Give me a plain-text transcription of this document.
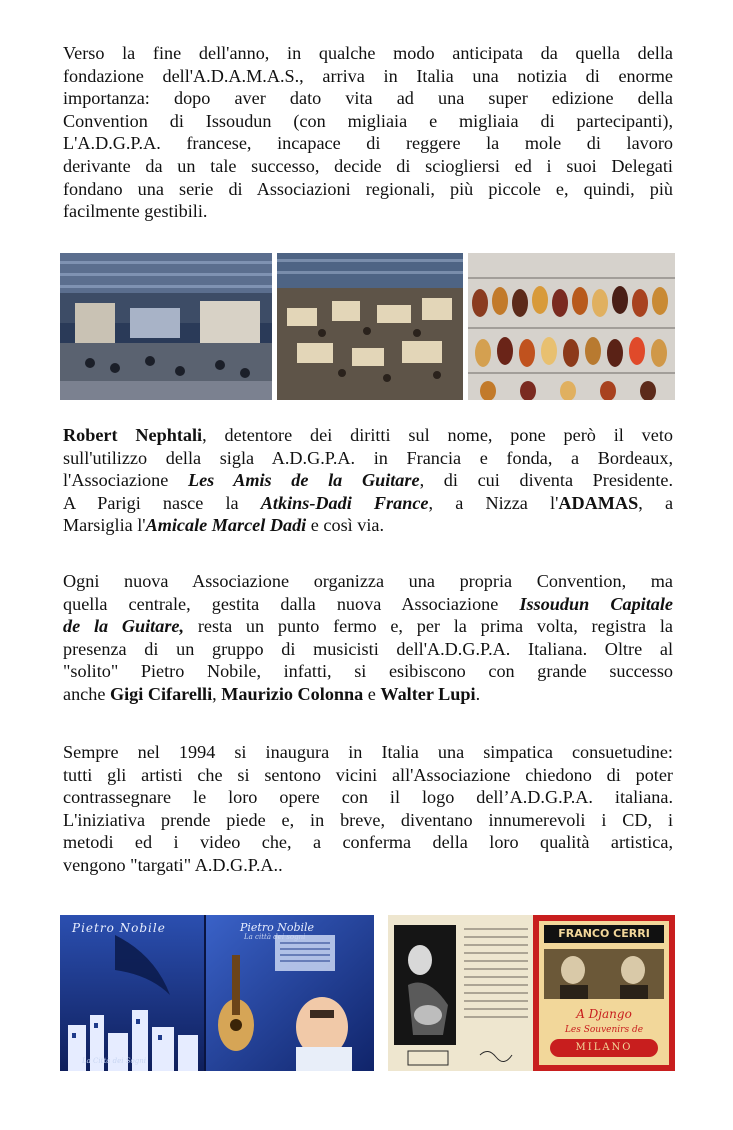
Verso la fine dell'anno, in qualche modo anticipata da quella della
fondazione dell'A.D.A.M.A.S., arriva in Italia una notizia di enorme
importanza: dopo aver dato vita ad una super edizione della
Convention di Issoudun (con migliaia e migliaia di partecipanti),
L'A.D.G.P.A. francese, incapace di reggere la mole di lavoro
derivante da un tale successo, decide di sciogliersi ed i suoi Delegati
fondano una serie di Associazioni regionali, più piccole e, quindi, più
facilmente gestibili.
Robert Nephtali, detentore dei diritti sul nome, pone però il veto
sull'utilizzo della sigla A.D.G.P.A. in Francia e fonda, a Bordeaux,
l'Associazione Les Amis de la Guitare, di cui diventa Presidente.
A Parigi nasce la Atkins-Dadi France, a Nizza l'ADAMAS, a
Marsiglia l'Amicale Marcel Dadi e così via.
Ogni nuova Associazione organizza una propria Convention, ma
quella centrale, gestita dalla nuova Associazione Issoudun Capitale
de la Guitare, resta un punto fermo e, per la prima volta, registra la
presenza di un gruppo di musicisti dell'A.D.G.P.A. Italiana. Oltre al
"solito" Pietro Nobile, infatti, si esibiscono con grande successo
anche Gigi Cifarelli, Maurizio Colonna e Walter Lupi.
Sempre nel 1994 si inaugura in Italia una simpatica consuetudine:
tutti gli artisti che si sentono vicini all'Associazione chiedono di poter
contrassegnare le loro opere con il logo dell’A.D.G.P.A. italiana.
L'iniziativa prende piede e, in breve, diventano innumerevoli i CD, i
metodi ed i video che, a conferma della loro qualità artistica,
vengono "targati" A.D.G.P.A..
Pietro Nobile	Pietro Nobile
La città dei sogni
La Città dei Sogni
FRANCO CERRI
A Django
Les Souvenirs de
MILANO
